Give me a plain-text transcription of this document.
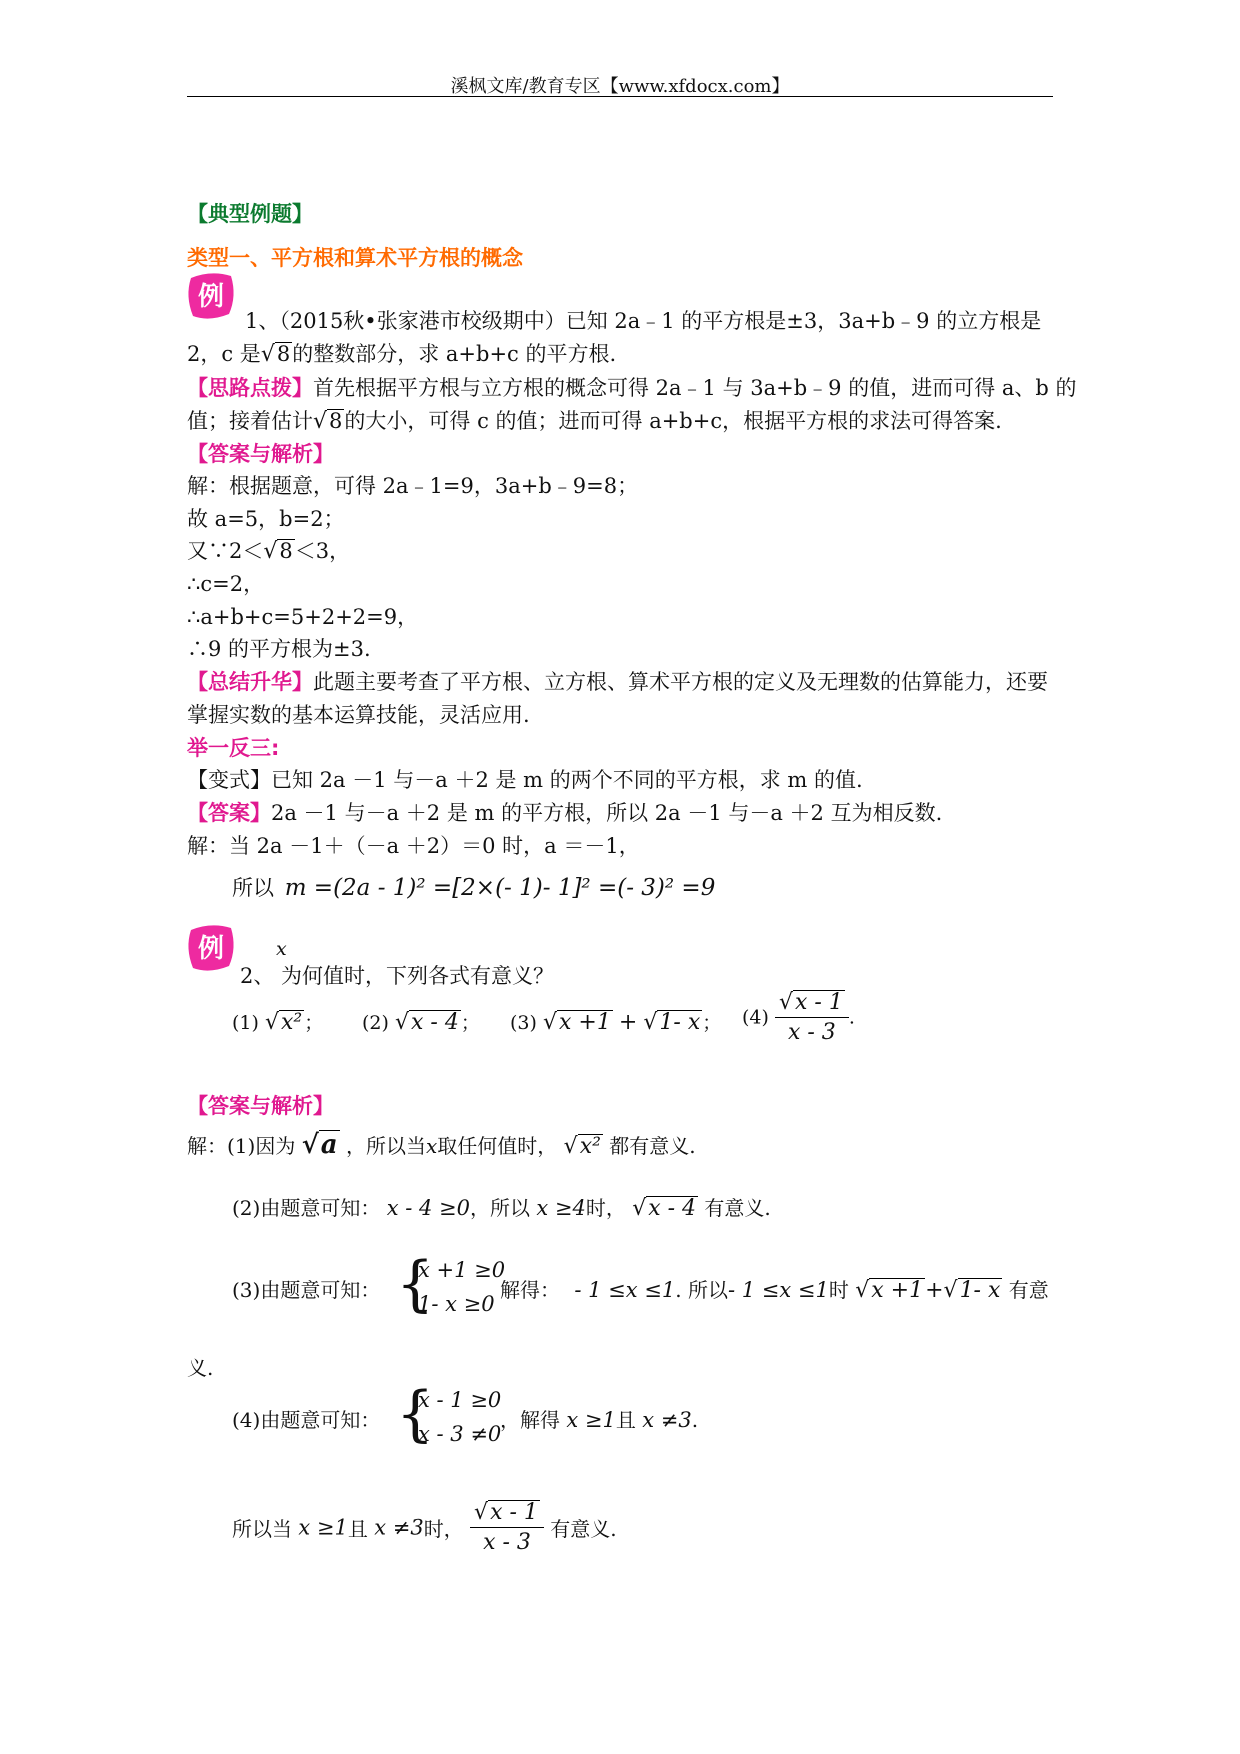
溪枫文库/教育专区【www.xfdocx.com】
【典型例题】
类型一、平方根和算术平方根的概念
例
1、（2015秋•张家港市校级期中）已知 2a﹣1 的平方根是±3，3a+b﹣9 的立方根是
2，c 是√8的整数部分，求 a+b+c 的平方根.
【思路点拨】首先根据平方根与立方根的概念可得 2a﹣1 与 3a+b﹣9 的值，进而可得 a、b 的
值；接着估计√8的大小，可得 c 的值；进而可得 a+b+c，根据平方根的求法可得答案.
【答案与解析】
解：根据题意，可得 2a﹣1=9，3a+b﹣9=8；
故 a=5，b=2；
又∵2＜√8＜3，
∴c=2，
∴a+b+c=5+2+2=9，
∴9 的平方根为±3.
【总结升华】此题主要考查了平方根、立方根、算术平方根的定义及无理数的估算能力，还要
掌握实数的基本运算技能，灵活应用.
举一反三:
【变式】已知 2a －1 与－a ＋2 是 m 的两个不同的平方根，求 m 的值.
【答案】2a －1 与－a ＋2 是 m 的平方根，所以 2a －1 与－a ＋2 互为相反数.
解：当 2a －1＋（－a ＋2）＝0 时，a ＝－1，
所以 m =(2a - 1)² =[2×(- 1)- 1]² =(- 3)² =9
例	x
2、 为何值时，下列各式有意义？
(1) √x² ； (2) √x - 4 ； (3) √x +1 + √1- x ； $(4) \frac{√x - 1}{x - 3}$ .
【答案与解析】
解：(1)因为 √a ，所以当x取任何值时， √x² 都有意义.
(2)由题意可知： x - 4 ≥0，所以 x ≥4时， √x - 4 有意义.
(3)由题意可知： {
x +1 ≥0
1- x ≥0
解得： - 1 ≤x ≤1. 所以- 1 ≤x ≤1时 √x +1+√1- x 有意
义.
(4)由题意可知： {
x - 1 ≥0
x - 3 ≠0
，解得 x ≥1且 x ≠3.
所以当 x ≥1且 x ≠3时， $\frac{√x - 1}{x - 3}$ 有意义.
